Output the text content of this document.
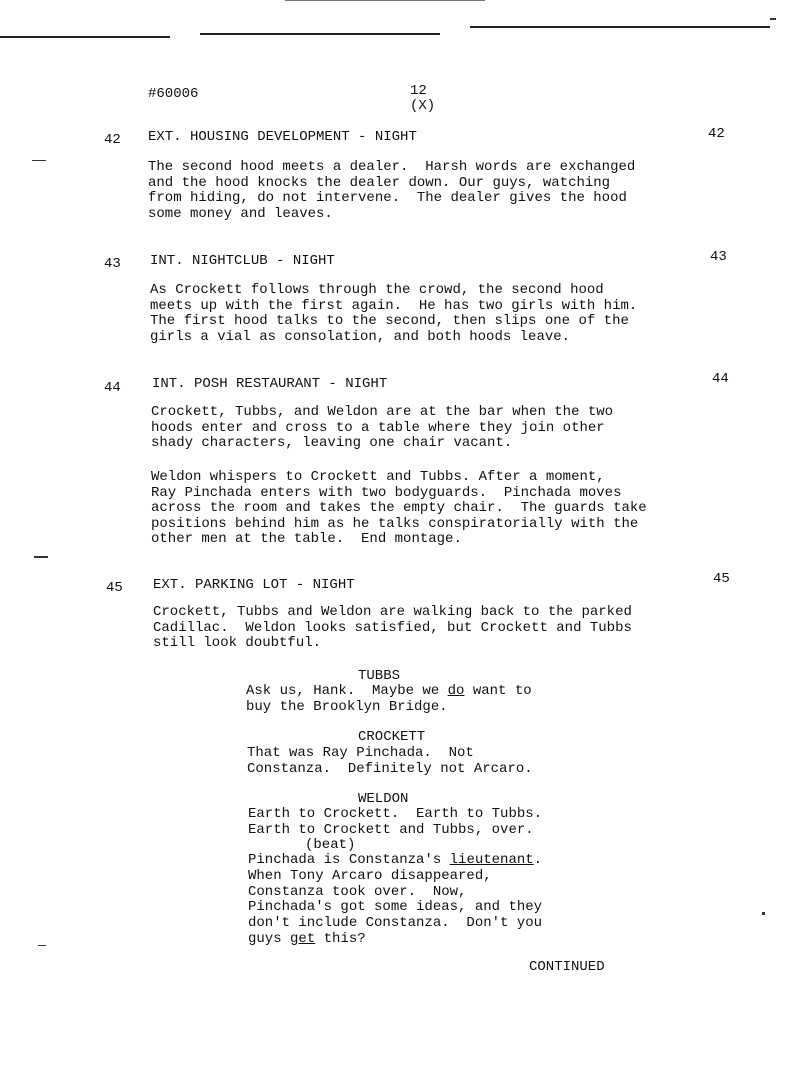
#60006	12
(X)
42 EXT. HOUSING DEVELOPMENT - NIGHT	42
The second hood meets a dealer.  Harsh words are exchanged
and the hood knocks the dealer down. Our guys, watching
from hiding, do not intervene.  The dealer gives the hood
some money and leaves.
43 INT. NIGHTCLUB - NIGHT	43
As Crockett follows through the crowd, the second hood
meets up with the first again.  He has two girls with him.
The first hood talks to the second, then slips one of the
girls a vial as consolation, and both hoods leave.
44 INT. POSH RESTAURANT - NIGHT	44
Crockett, Tubbs, and Weldon are at the bar when the two
hoods enter and cross to a table where they join other
shady characters, leaving one chair vacant.
Weldon whispers to Crockett and Tubbs. After a moment,
Ray Pinchada enters with two bodyguards.  Pinchada moves
across the room and takes the empty chair.  The guards take
positions behind him as he talks conspiratorially with the
other men at the table.  End montage.
45 EXT. PARKING LOT - NIGHT	45
Crockett, Tubbs and Weldon are walking back to the parked
Cadillac.  Weldon looks satisfied, but Crockett and Tubbs
still look doubtful.
TUBBS
Ask us, Hank.  Maybe we do want to
buy the Brooklyn Bridge.
CROCKETT
That was Ray Pinchada.  Not
Constanza.  Definitely not Arcaro.
WELDON
Earth to Crockett.  Earth to Tubbs.
Earth to Crockett and Tubbs, over.
(beat)
Pinchada is Constanza's lieutenant.
When Tony Arcaro disappeared,
Constanza took over.  Now,
Pinchada's got some ideas, and they
don't include Constanza.  Don't you
guys get this?
CONTINUED
